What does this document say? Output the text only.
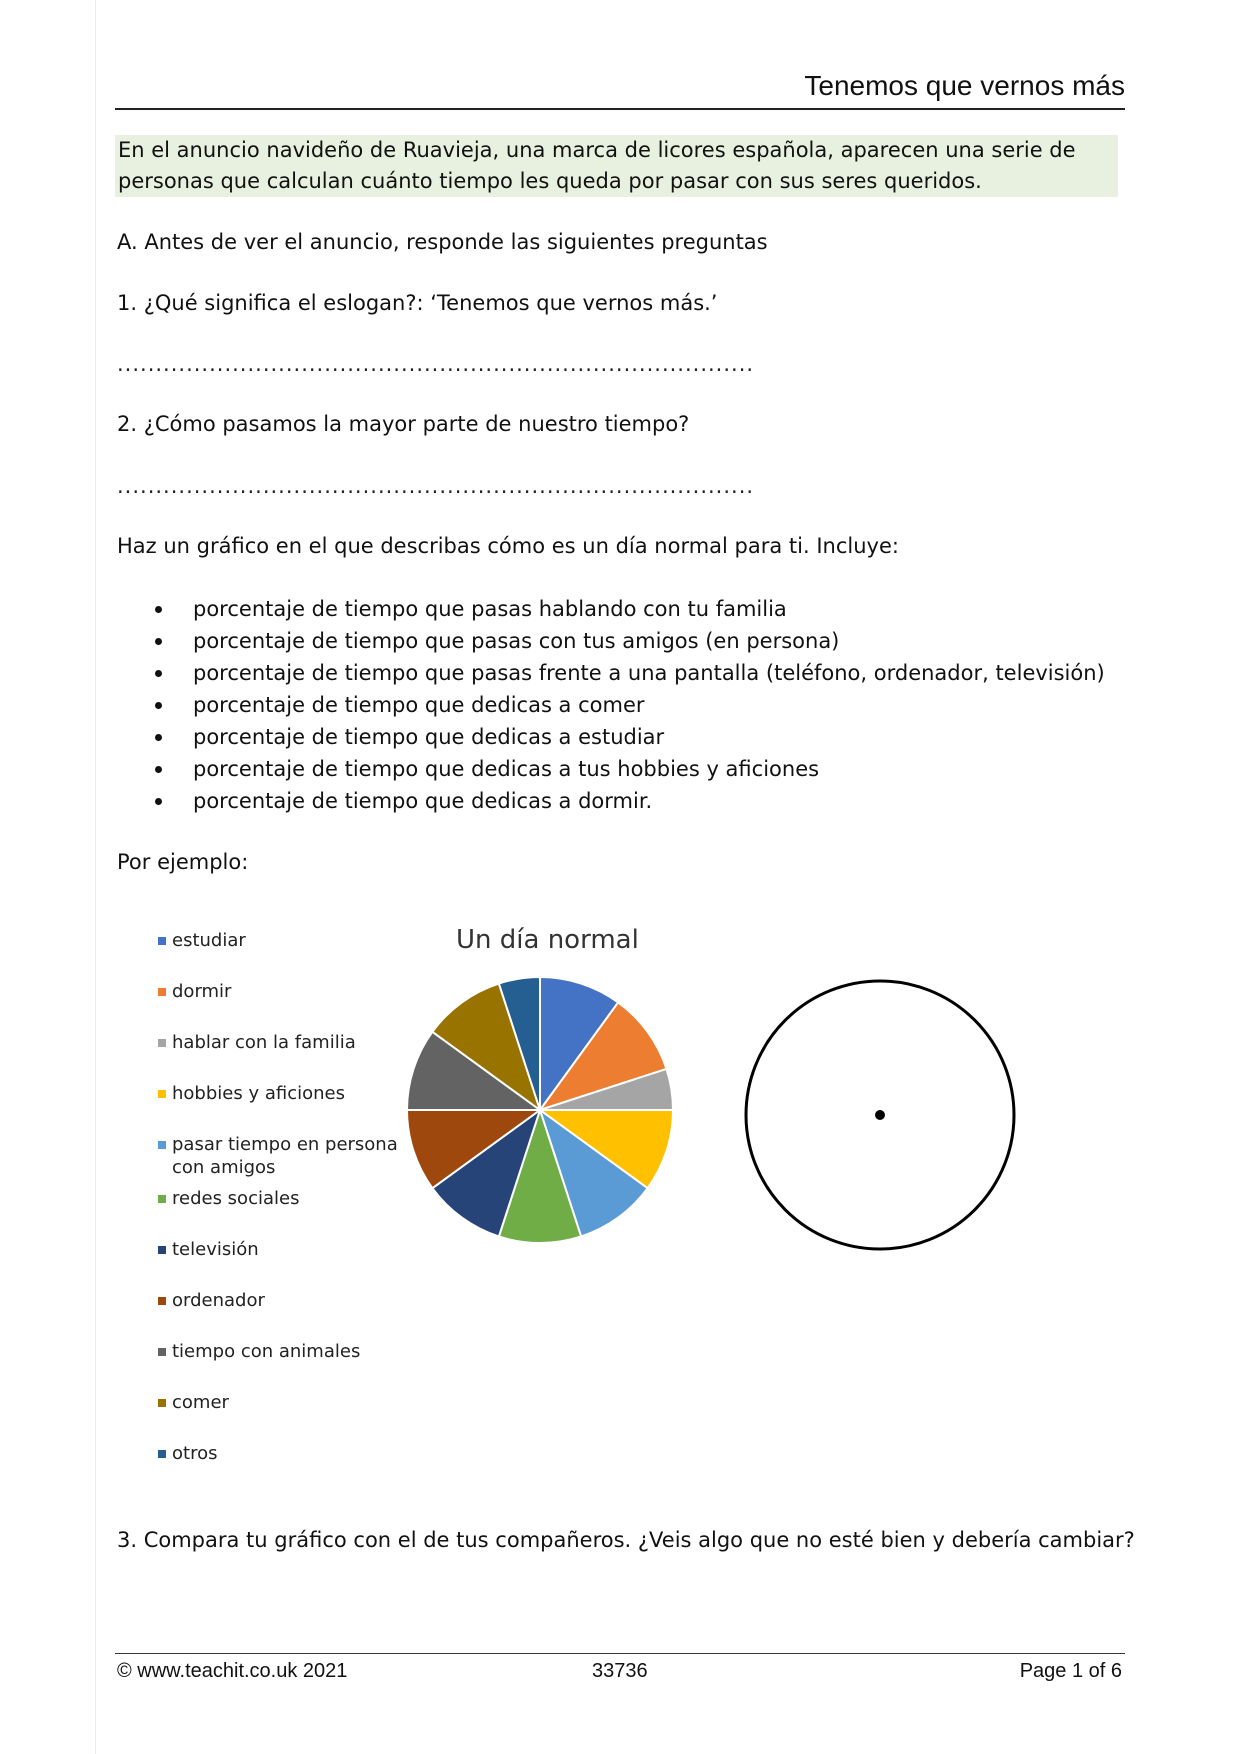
Tenemos que vernos más
En el anuncio navideño de Ruavieja, una marca de licores española, aparecen una serie de personas que calculan cuánto tiempo les queda por pasar con sus seres queridos.
A. Antes de ver el anuncio, responde las siguientes preguntas
1. ¿Qué significa el eslogan?: ‘Tenemos que vernos más.’
...................................................................................
2. ¿Cómo pasamos la mayor parte de nuestro tiempo?
...................................................................................
Haz un gráfico en el que describas cómo es un día normal para ti. Incluye:
porcentaje de tiempo que pasas hablando con tu familia
porcentaje de tiempo que pasas con tus amigos (en persona)
porcentaje de tiempo que pasas frente a una pantalla (teléfono, ordenador, televisión)
porcentaje de tiempo que dedicas a comer
porcentaje de tiempo que dedicas a estudiar
porcentaje de tiempo que dedicas a tus hobbies y aficiones
porcentaje de tiempo que dedicas a dormir.
Por ejemplo:
estudiar
dormir
hablar con la familia
hobbies y aficiones
pasar tiempo en persona con amigos
redes sociales
televisión
ordenador
tiempo con animales
comer
otros
Un día normal
3. Compara tu gráfico con el de tus compañeros. ¿Veis algo que no esté bien y debería cambiar?
© www.teachit.co.uk 2021	33736	Page 1 of 6
